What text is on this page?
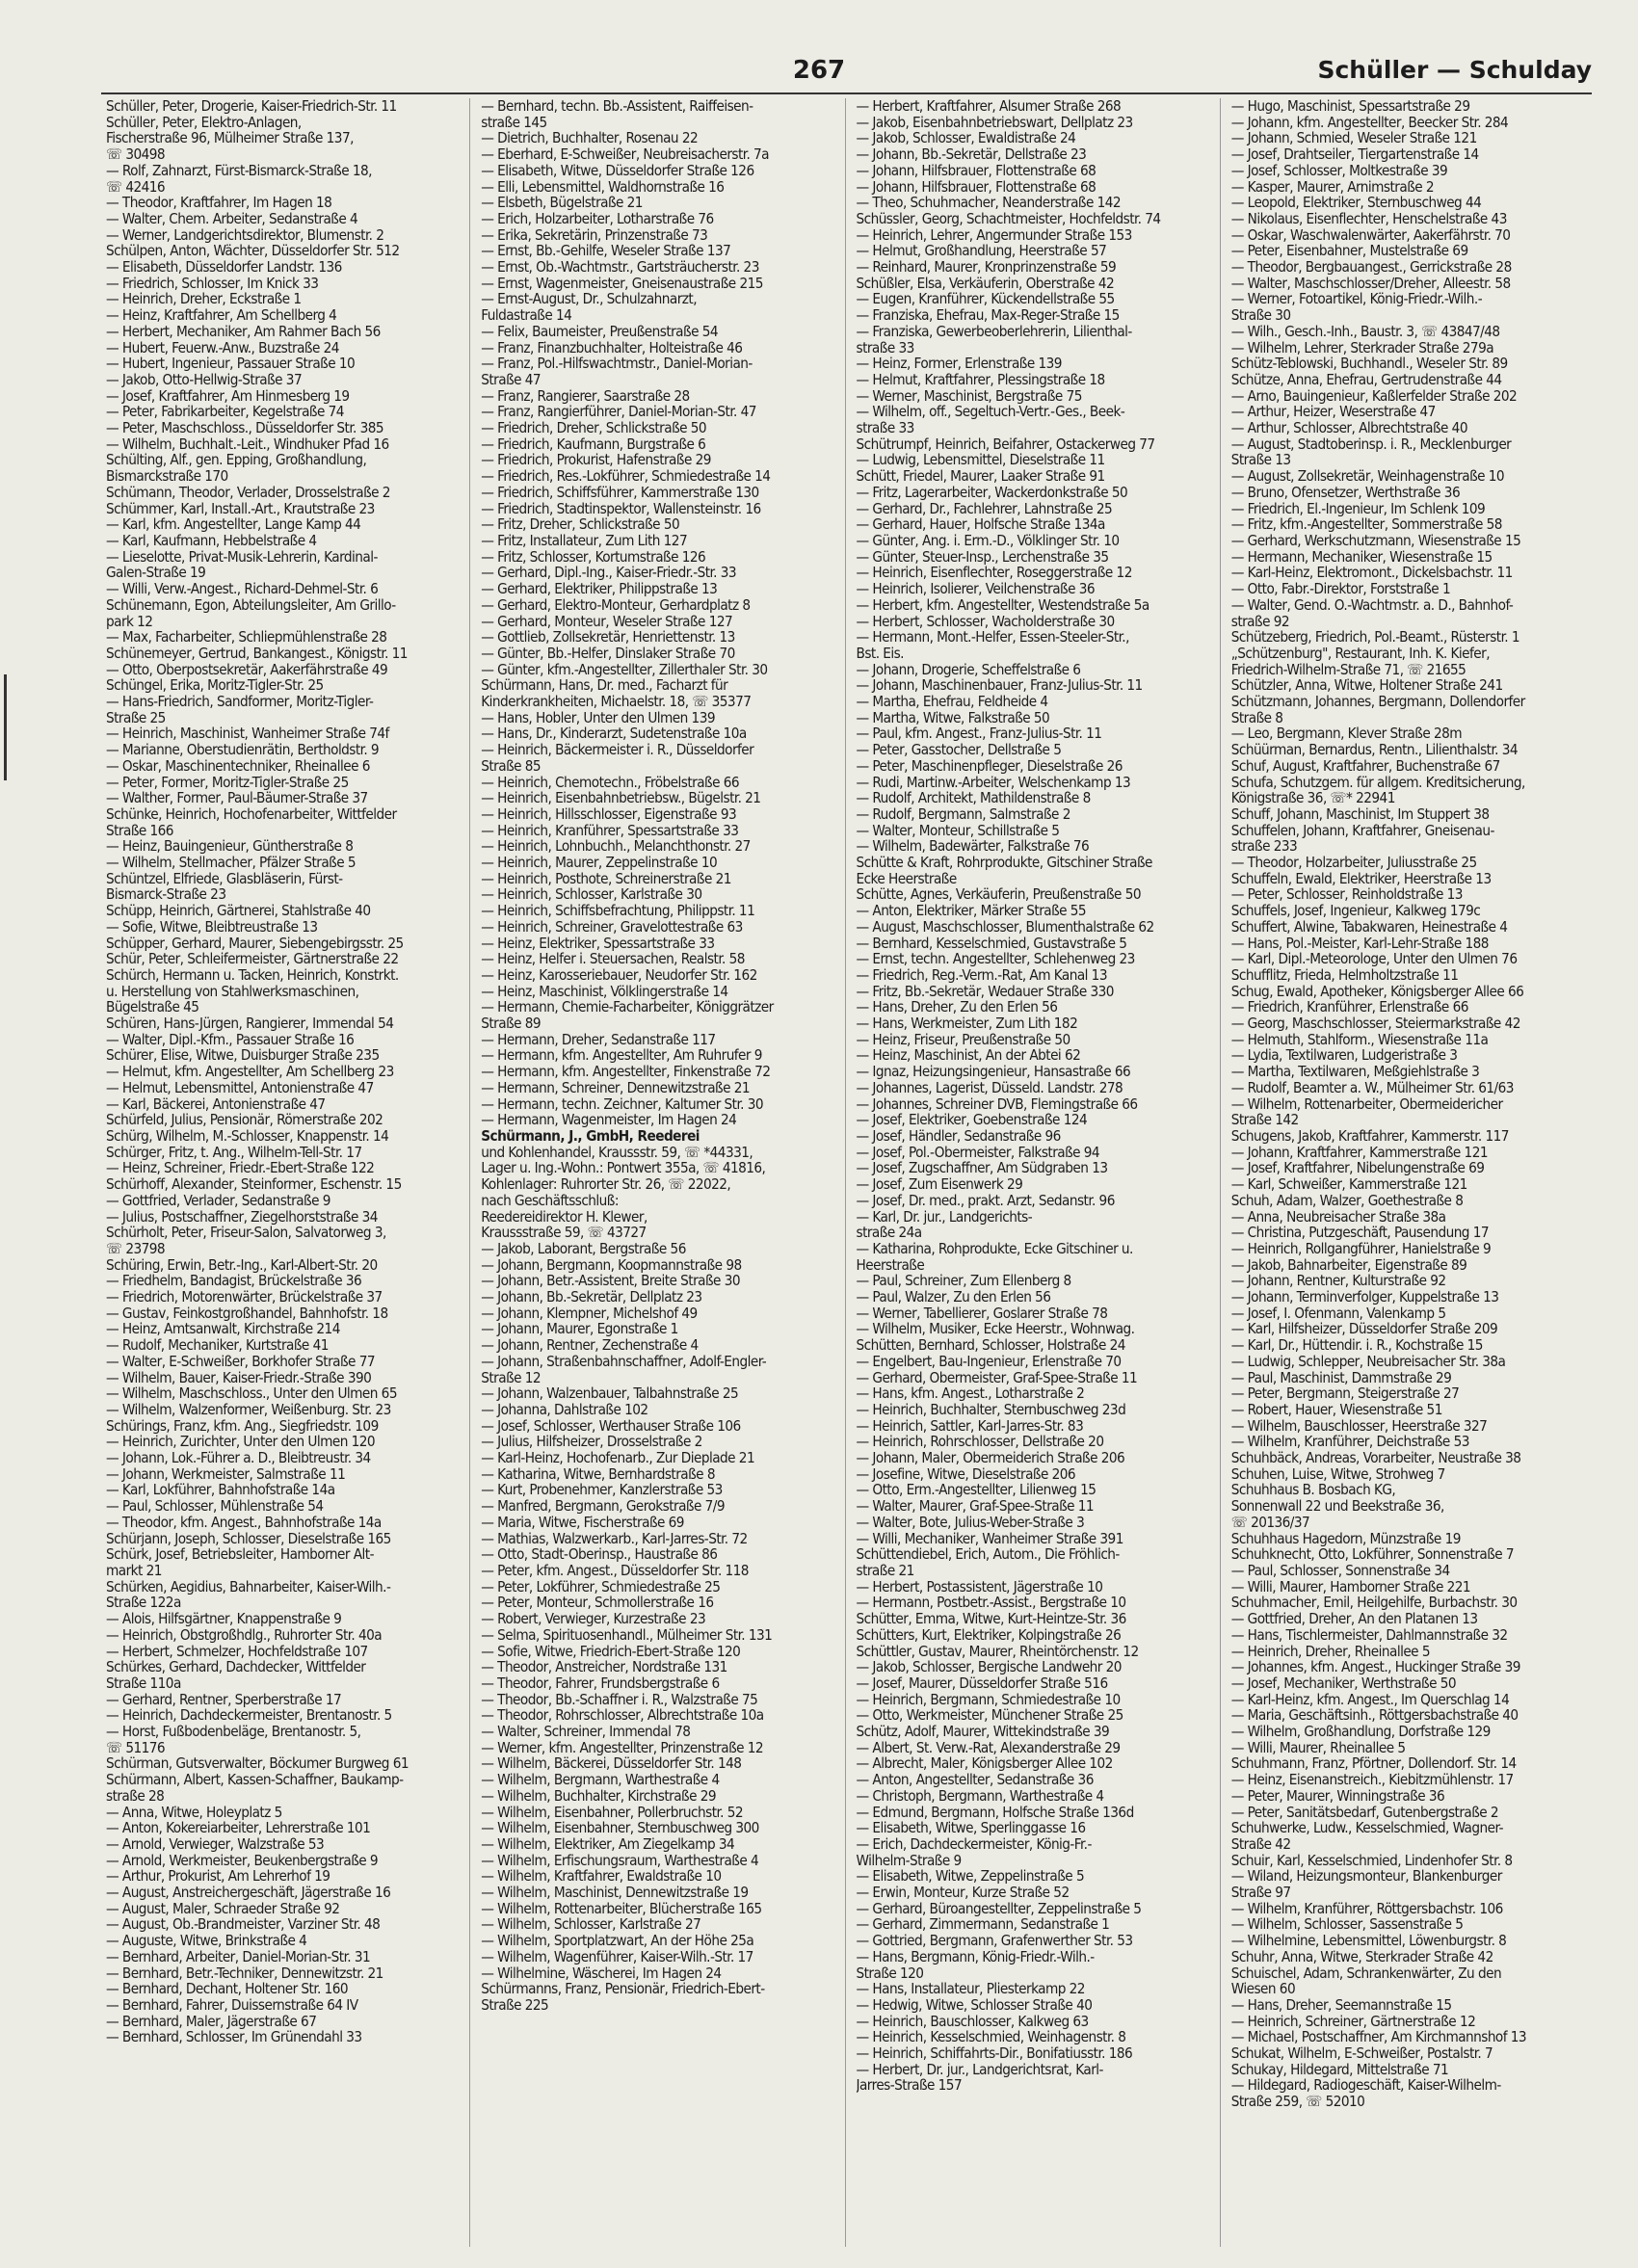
267	Schüller — Schulday
Schüller, Peter, Drogerie, Kaiser-Friedrich-Str. 11
Schüller, Peter, Elektro-Anlagen,
Fischerstraße 96, Mülheimer Straße 137,
☏ 30498
— Rolf, Zahnarzt, Fürst-Bismarck-Straße 18,
☏ 42416
— Theodor, Kraftfahrer, Im Hagen 18
— Walter, Chem. Arbeiter, Sedanstraße 4
— Werner, Landgerichtsdirektor, Blumenstr. 2
Schülpen, Anton, Wächter, Düsseldorfer Str. 512
— Elisabeth, Düsseldorfer Landstr. 136
— Friedrich, Schlosser, Im Knick 33
— Heinrich, Dreher, Eckstraße 1
— Heinz, Kraftfahrer, Am Schellberg 4
— Herbert, Mechaniker, Am Rahmer Bach 56
— Hubert, Feuerw.-Anw., Buzstraße 24
— Hubert, Ingenieur, Passauer Straße 10
— Jakob, Otto-Hellwig-Straße 37
— Josef, Kraftfahrer, Am Hinmesberg 19
— Peter, Fabrikarbeiter, Kegelstraße 74
— Peter, Maschschloss., Düsseldorfer Str. 385
— Wilhelm, Buchhalt.-Leit., Windhuker Pfad 16
Schülting, Alf., gen. Epping, Großhandlung,
Bismarckstraße 170
Schümann, Theodor, Verlader, Drosselstraße 2
Schümmer, Karl, Install.-Art., Krautstraße 23
— Karl, kfm. Angestellter, Lange Kamp 44
— Karl, Kaufmann, Hebbelstraße 4
— Lieselotte, Privat-Musik-Lehrerin, Kardinal-
Galen-Straße 19
— Willi, Verw.-Angest., Richard-Dehmel-Str. 6
Schünemann, Egon, Abteilungsleiter, Am Grillo-
park 12
— Max, Facharbeiter, Schliepmühlenstraße 28
Schünemeyer, Gertrud, Bankangest., Königstr. 11
— Otto, Oberpostsekretär, Aakerfährstraße 49
Schüngel, Erika, Moritz-Tigler-Str. 25
— Hans-Friedrich, Sandformer, Moritz-Tigler-
Straße 25
— Heinrich, Maschinist, Wanheimer Straße 74f
— Marianne, Oberstudienrätin, Bertholdstr. 9
— Oskar, Maschinentechniker, Rheinallee 6
— Peter, Former, Moritz-Tigler-Straße 25
— Walther, Former, Paul-Bäumer-Straße 37
Schünke, Heinrich, Hochofenarbeiter, Wittfelder
Straße 166
— Heinz, Bauingenieur, Güntherstraße 8
— Wilhelm, Stellmacher, Pfälzer Straße 5
Schüntzel, Elfriede, Glasbläserin, Fürst-
Bismarck-Straße 23
Schüpp, Heinrich, Gärtnerei, Stahlstraße 40
— Sofie, Witwe, Bleibtreustraße 13
Schüpper, Gerhard, Maurer, Siebengebirgsstr. 25
Schür, Peter, Schleifermeister, Gärtnerstraße 22
Schürch, Hermann u. Tacken, Heinrich, Konstrkt.
u. Herstellung von Stahlwerksmaschinen,
Bügelstraße 45
Schüren, Hans-Jürgen, Rangierer, Immendal 54
— Walter, Dipl.-Kfm., Passauer Straße 16
Schürer, Elise, Witwe, Duisburger Straße 235
— Helmut, kfm. Angestellter, Am Schellberg 23
— Helmut, Lebensmittel, Antonienstraße 47
— Karl, Bäckerei, Antonienstraße 47
Schürfeld, Julius, Pensionär, Römerstraße 202
Schürg, Wilhelm, M.-Schlosser, Knappenstr. 14
Schürger, Fritz, t. Ang., Wilhelm-Tell-Str. 17
— Heinz, Schreiner, Friedr.-Ebert-Straße 122
Schürhoff, Alexander, Steinformer, Eschenstr. 15
— Gottfried, Verlader, Sedanstraße 9
— Julius, Postschaffner, Ziegelhorststraße 34
Schürholt, Peter, Friseur-Salon, Salvatorweg 3,
☏ 23798
Schüring, Erwin, Betr.-Ing., Karl-Albert-Str. 20
— Friedhelm, Bandagist, Brückelstraße 36
— Friedrich, Motorenwärter, Brückelstraße 37
— Gustav, Feinkostgroßhandel, Bahnhofstr. 18
— Heinz, Amtsanwalt, Kirchstraße 214
— Rudolf, Mechaniker, Kurtstraße 41
— Walter, E-Schweißer, Borkhofer Straße 77
— Wilhelm, Bauer, Kaiser-Friedr.-Straße 390
— Wilhelm, Maschschloss., Unter den Ulmen 65
— Wilhelm, Walzenformer, Weißenburg. Str. 23
Schürings, Franz, kfm. Ang., Siegfriedstr. 109
— Heinrich, Zurichter, Unter den Ulmen 120
— Johann, Lok.-Führer a. D., Bleibtreustr. 34
— Johann, Werkmeister, Salmstraße 11
— Karl, Lokführer, Bahnhofstraße 14a
— Paul, Schlosser, Mühlenstraße 54
— Theodor, kfm. Angest., Bahnhofstraße 14a
Schürjann, Joseph, Schlosser, Dieselstraße 165
Schürk, Josef, Betriebsleiter, Hamborner Alt-
markt 21
Schürken, Aegidius, Bahnarbeiter, Kaiser-Wilh.-
Straße 122a
— Alois, Hilfsgärtner, Knappenstraße 9
— Heinrich, Obstgroßhdlg., Ruhrorter Str. 40a
— Herbert, Schmelzer, Hochfeldstraße 107
Schürkes, Gerhard, Dachdecker, Wittfelder
Straße 110a
— Gerhard, Rentner, Sperberstraße 17
— Heinrich, Dachdeckermeister, Brentanostr. 5
— Horst, Fußbodenbeläge, Brentanostr. 5,
☏ 51176
Schürman, Gutsverwalter, Böckumer Burgweg 61
Schürmann, Albert, Kassen-Schaffner, Baukamp-
straße 28
— Anna, Witwe, Holeyplatz 5
— Anton, Kokereiarbeiter, Lehrerstraße 101
— Arnold, Verwieger, Walzstraße 53
— Arnold, Werkmeister, Beukenbergstraße 9
— Arthur, Prokurist, Am Lehrerhof 19
— August, Anstreichergeschäft, Jägerstraße 16
— August, Maler, Schraeder Straße 92
— August, Ob.-Brandmeister, Varziner Str. 48
— Auguste, Witwe, Brinkstraße 4
— Bernhard, Arbeiter, Daniel-Morian-Str. 31
— Bernhard, Betr.-Techniker, Dennewitzstr. 21
— Bernhard, Dechant, Holtener Str. 160
— Bernhard, Fahrer, Duissernstraße 64 IV
— Bernhard, Maler, Jägerstraße 67
— Bernhard, Schlosser, Im Grünendahl 33
— Bernhard, techn. Bb.-Assistent, Raiffeisen-
straße 145
— Dietrich, Buchhalter, Rosenau 22
— Eberhard, E-Schweißer, Neubreisacherstr. 7a
— Elisabeth, Witwe, Düsseldorfer Straße 126
— Elli, Lebensmittel, Waldhornstraße 16
— Elsbeth, Bügelstraße 21
— Erich, Holzarbeiter, Lotharstraße 76
— Erika, Sekretärin, Prinzenstraße 73
— Ernst, Bb.-Gehilfe, Weseler Straße 137
— Ernst, Ob.-Wachtmstr., Gartsträucherstr. 23
— Ernst, Wagenmeister, Gneisenaustraße 215
— Ernst-August, Dr., Schulzahnarzt,
Fuldastraße 14
— Felix, Baumeister, Preußenstraße 54
— Franz, Finanzbuchhalter, Holteistraße 46
— Franz, Pol.-Hilfswachtmstr., Daniel-Morian-
Straße 47
— Franz, Rangierer, Saarstraße 28
— Franz, Rangierführer, Daniel-Morian-Str. 47
— Friedrich, Dreher, Schlickstraße 50
— Friedrich, Kaufmann, Burgstraße 6
— Friedrich, Prokurist, Hafenstraße 29
— Friedrich, Res.-Lokführer, Schmiedestraße 14
— Friedrich, Schiffsführer, Kammerstraße 130
— Friedrich, Stadtinspektor, Wallensteinstr. 16
— Fritz, Dreher, Schlickstraße 50
— Fritz, Installateur, Zum Lith 127
— Fritz, Schlosser, Kortumstraße 126
— Gerhard, Dipl.-Ing., Kaiser-Friedr.-Str. 33
— Gerhard, Elektriker, Philippstraße 13
— Gerhard, Elektro-Monteur, Gerhardplatz 8
— Gerhard, Monteur, Weseler Straße 127
— Gottlieb, Zollsekretär, Henriettenstr. 13
— Günter, Bb.-Helfer, Dinslaker Straße 70
— Günter, kfm.-Angestellter, Zillerthaler Str. 30
Schürmann, Hans, Dr. med., Facharzt für
Kinderkrankheiten, Michaelstr. 18, ☏ 35377
— Hans, Hobler, Unter den Ulmen 139
— Hans, Dr., Kinderarzt, Sudetenstraße 10a
— Heinrich, Bäckermeister i. R., Düsseldorfer
Straße 85
— Heinrich, Chemotechn., Fröbelstraße 66
— Heinrich, Eisenbahnbetriebsw., Bügelstr. 21
— Heinrich, Hillsschlosser, Eigenstraße 93
— Heinrich, Kranführer, Spessartstraße 33
— Heinrich, Lohnbuchh., Melanchthonstr. 27
— Heinrich, Maurer, Zeppelinstraße 10
— Heinrich, Posthote, Schreinerstraße 21
— Heinrich, Schlosser, Karlstraße 30
— Heinrich, Schiffsbefrachtung, Philippstr. 11
— Heinrich, Schreiner, Gravelottestraße 63
— Heinz, Elektriker, Spessartstraße 33
— Heinz, Helfer i. Steuersachen, Realstr. 58
— Heinz, Karosseriebauer, Neudorfer Str. 162
— Heinz, Maschinist, Völklingerstraße 14
— Hermann, Chemie-Facharbeiter, Königgrätzer
Straße 89
— Hermann, Dreher, Sedanstraße 117
— Hermann, kfm. Angestellter, Am Ruhrufer 9
— Hermann, kfm. Angestellter, Finkenstraße 72
— Hermann, Schreiner, Dennewitzstraße 21
— Hermann, techn. Zeichner, Kaltumer Str. 30
— Hermann, Wagenmeister, Im Hagen 24
Schürmann, J., GmbH, Reederei
und Kohlenhandel, Kraussstr. 59, ☏ *44331,
Lager u. Ing.-Wohn.: Pontwert 355a, ☏ 41816,
Kohlenlager: Ruhrorter Str. 26, ☏ 22022,
nach Geschäftsschluß:
Reedereidirektor H. Klewer,
Kraussstraße 59, ☏ 43727
— Jakob, Laborant, Bergstraße 56
— Johann, Bergmann, Koopmannstraße 98
— Johann, Betr.-Assistent, Breite Straße 30
— Johann, Bb.-Sekretär, Dellplatz 23
— Johann, Klempner, Michelshof 49
— Johann, Maurer, Egonstraße 1
— Johann, Rentner, Zechenstraße 4
— Johann, Straßenbahnschaffner, Adolf-Engler-
Straße 12
— Johann, Walzenbauer, Talbahnstraße 25
— Johanna, Dahlstraße 102
— Josef, Schlosser, Werthauser Straße 106
— Julius, Hilfsheizer, Drosselstraße 2
— Karl-Heinz, Hochofenarb., Zur Dieplade 21
— Katharina, Witwe, Bernhardstraße 8
— Kurt, Probenehmer, Kanzlerstraße 53
— Manfred, Bergmann, Gerokstraße 7/9
— Maria, Witwe, Fischerstraße 69
— Mathias, Walzwerkarb., Karl-Jarres-Str. 72
— Otto, Stadt-Oberinsp., Haustraße 86
— Peter, kfm. Angest., Düsseldorfer Str. 118
— Peter, Lokführer, Schmiedestraße 25
— Peter, Monteur, Schmollerstraße 16
— Robert, Verwieger, Kurzestraße 23
— Selma, Spirituosenhandl., Mülheimer Str. 131
— Sofie, Witwe, Friedrich-Ebert-Straße 120
— Theodor, Anstreicher, Nordstraße 131
— Theodor, Fahrer, Frundsbergstraße 6
— Theodor, Bb.-Schaffner i. R., Walzstraße 75
— Theodor, Rohrschlosser, Albrechtstraße 10a
— Walter, Schreiner, Immendal 78
— Werner, kfm. Angestellter, Prinzenstraße 12
— Wilhelm, Bäckerei, Düsseldorfer Str. 148
— Wilhelm, Bergmann, Warthestraße 4
— Wilhelm, Buchhalter, Kirchstraße 29
— Wilhelm, Eisenbahner, Pollerbruchstr. 52
— Wilhelm, Eisenbahner, Sternbuschweg 300
— Wilhelm, Elektriker, Am Ziegelkamp 34
— Wilhelm, Erfischungsraum, Warthestraße 4
— Wilhelm, Kraftfahrer, Ewaldstraße 10
— Wilhelm, Maschinist, Dennewitzstraße 19
— Wilhelm, Rottenarbeiter, Blücherstraße 165
— Wilhelm, Schlosser, Karlstraße 27
— Wilhelm, Sportplatzwart, An der Höhe 25a
— Wilhelm, Wagenführer, Kaiser-Wilh.-Str. 17
— Wilhelmine, Wäscherei, Im Hagen 24
Schürmanns, Franz, Pensionär, Friedrich-Ebert-
Straße 225
— Herbert, Kraftfahrer, Alsumer Straße 268
— Jakob, Eisenbahnbetriebswart, Dellplatz 23
— Jakob, Schlosser, Ewaldistraße 24
— Johann, Bb.-Sekretär, Dellstraße 23
— Johann, Hilfsbrauer, Flottenstraße 68
— Johann, Hilfsbrauer, Flottenstraße 68
— Theo, Schuhmacher, Neanderstraße 142
Schüssler, Georg, Schachtmeister, Hochfeldstr. 74
— Heinrich, Lehrer, Angermunder Straße 153
— Helmut, Großhandlung, Heerstraße 57
— Reinhard, Maurer, Kronprinzenstraße 59
Schüßler, Elsa, Verkäuferin, Oberstraße 42
— Eugen, Kranführer, Kückendellstraße 55
— Franziska, Ehefrau, Max-Reger-Straße 15
— Franziska, Gewerbeoberlehrerin, Lilienthal-
straße 33
— Heinz, Former, Erlenstraße 139
— Helmut, Kraftfahrer, Plessingstraße 18
— Werner, Maschinist, Bergstraße 75
— Wilhelm, off., Segeltuch-Vertr.-Ges., Beek-
straße 33
Schütrumpf, Heinrich, Beifahrer, Ostackerweg 77
— Ludwig, Lebensmittel, Dieselstraße 11
Schütt, Friedel, Maurer, Laaker Straße 91
— Fritz, Lagerarbeiter, Wackerdonkstraße 50
— Gerhard, Dr., Fachlehrer, Lahnstraße 25
— Gerhard, Hauer, Holfsche Straße 134a
— Günter, Ang. i. Erm.-D., Völklinger Str. 10
— Günter, Steuer-Insp., Lerchenstraße 35
— Heinrich, Eisenflechter, Roseggerstraße 12
— Heinrich, Isolierer, Veilchenstraße 36
— Herbert, kfm. Angestellter, Westendstraße 5a
— Herbert, Schlosser, Wacholderstraße 30
— Hermann, Mont.-Helfer, Essen-Steeler-Str.,
Bst. Eis.
— Johann, Drogerie, Scheffelstraße 6
— Johann, Maschinenbauer, Franz-Julius-Str. 11
— Martha, Ehefrau, Feldheide 4
— Martha, Witwe, Falkstraße 50
— Paul, kfm. Angest., Franz-Julius-Str. 11
— Peter, Gasstocher, Dellstraße 5
— Peter, Maschinenpfleger, Dieselstraße 26
— Rudi, Martinw.-Arbeiter, Welschenkamp 13
— Rudolf, Architekt, Mathildenstraße 8
— Rudolf, Bergmann, Salmstraße 2
— Walter, Monteur, Schillstraße 5
— Wilhelm, Badewärter, Falkstraße 76
Schütte & Kraft, Rohrprodukte, Gitschiner Straße
Ecke Heerstraße
Schütte, Agnes, Verkäuferin, Preußenstraße 50
— Anton, Elektriker, Märker Straße 55
— August, Maschschlosser, Blumenthalstraße 62
— Bernhard, Kesselschmied, Gustavstraße 5
— Ernst, techn. Angestellter, Schlehenweg 23
— Friedrich, Reg.-Verm.-Rat, Am Kanal 13
— Fritz, Bb.-Sekretär, Wedauer Straße 330
— Hans, Dreher, Zu den Erlen 56
— Hans, Werkmeister, Zum Lith 182
— Heinz, Friseur, Preußenstraße 50
— Heinz, Maschinist, An der Abtei 62
— Ignaz, Heizungsingenieur, Hansastraße 66
— Johannes, Lagerist, Düsseld. Landstr. 278
— Johannes, Schreiner DVB, Flemingstraße 66
— Josef, Elektriker, Goebenstraße 124
— Josef, Händler, Sedanstraße 96
— Josef, Pol.-Obermeister, Falkstraße 94
— Josef, Zugschaffner, Am Südgraben 13
— Josef, Zum Eisenwerk 29
— Josef, Dr. med., prakt. Arzt, Sedanstr. 96
— Karl, Dr. jur., Landgerichts-
straße 24a
— Katharina, Rohprodukte, Ecke Gitschiner u.
Heerstraße
— Paul, Schreiner, Zum Ellenberg 8
— Paul, Walzer, Zu den Erlen 56
— Werner, Tabellierer, Goslarer Straße 78
— Wilhelm, Musiker, Ecke Heerstr., Wohnwag.
Schütten, Bernhard, Schlosser, Holstraße 24
— Engelbert, Bau-Ingenieur, Erlenstraße 70
— Gerhard, Obermeister, Graf-Spee-Straße 11
— Hans, kfm. Angest., Lotharstraße 2
— Heinrich, Buchhalter, Sternbuschweg 23d
— Heinrich, Sattler, Karl-Jarres-Str. 83
— Heinrich, Rohrschlosser, Dellstraße 20
— Johann, Maler, Obermeiderich Straße 206
— Josefine, Witwe, Dieselstraße 206
— Otto, Erm.-Angestellter, Lilienweg 15
— Walter, Maurer, Graf-Spee-Straße 11
— Walter, Bote, Julius-Weber-Straße 3
— Willi, Mechaniker, Wanheimer Straße 391
Schüttendiebel, Erich, Autom., Die Fröhlich-
straße 21
— Herbert, Postassistent, Jägerstraße 10
— Hermann, Postbetr.-Assist., Bergstraße 10
Schütter, Emma, Witwe, Kurt-Heintze-Str. 36
Schütters, Kurt, Elektriker, Kolpingstraße 26
Schüttler, Gustav, Maurer, Rheintörchenstr. 12
— Jakob, Schlosser, Bergische Landwehr 20
— Josef, Maurer, Düsseldorfer Straße 516
— Heinrich, Bergmann, Schmiedestraße 10
— Otto, Werkmeister, Münchener Straße 25
Schütz, Adolf, Maurer, Wittekindstraße 39
— Albert, St. Verw.-Rat, Alexanderstraße 29
— Albrecht, Maler, Königsberger Allee 102
— Anton, Angestellter, Sedanstraße 36
— Christoph, Bergmann, Warthestraße 4
— Edmund, Bergmann, Holfsche Straße 136d
— Elisabeth, Witwe, Sperlinggasse 16
— Erich, Dachdeckermeister, König-Fr.-
Wilhelm-Straße 9
— Elisabeth, Witwe, Zeppelinstraße 5
— Erwin, Monteur, Kurze Straße 52
— Gerhard, Büroangestellter, Zeppelinstraße 5
— Gerhard, Zimmermann, Sedanstraße 1
— Gottried, Bergmann, Grafenwerther Str. 53
— Hans, Bergmann, König-Friedr.-Wilh.-
Straße 120
— Hans, Installateur, Pliesterkamp 22
— Hedwig, Witwe, Schlosser Straße 40
— Heinrich, Bauschlosser, Kalkweg 63
— Heinrich, Kesselschmied, Weinhagenstr. 8
— Heinrich, Schiffahrts-Dir., Bonifatiusstr. 186
— Herbert, Dr. jur., Landgerichtsrat, Karl-
Jarres-Straße 157
— Hugo, Maschinist, Spessartstraße 29
— Johann, kfm. Angestellter, Beecker Str. 284
— Johann, Schmied, Weseler Straße 121
— Josef, Drahtseiler, Tiergartenstraße 14
— Josef, Schlosser, Moltkestraße 39
— Kasper, Maurer, Arnimstraße 2
— Leopold, Elektriker, Sternbuschweg 44
— Nikolaus, Eisenflechter, Henschelstraße 43
— Oskar, Waschwalenwärter, Aakerfährstr. 70
— Peter, Eisenbahner, Mustelstraße 69
— Theodor, Bergbauangest., Gerrickstraße 28
— Walter, Maschschlosser/Dreher, Alleestr. 58
— Werner, Fotoartikel, König-Friedr.-Wilh.-
Straße 30
— Wilh., Gesch.-Inh., Baustr. 3, ☏ 43847/48
— Wilhelm, Lehrer, Sterkrader Straße 279a
Schütz-Teblowski, Buchhandl., Weseler Str. 89
Schütze, Anna, Ehefrau, Gertrudenstraße 44
— Arno, Bauingenieur, Kaßlerfelder Straße 202
— Arthur, Heizer, Weserstraße 47
— Arthur, Schlosser, Albrechtstraße 40
— August, Stadtoberinsp. i. R., Mecklenburger
Straße 13
— August, Zollsekretär, Weinhagenstraße 10
— Bruno, Ofensetzer, Werthstraße 36
— Friedrich, El.-Ingenieur, Im Schlenk 109
— Fritz, kfm.-Angestellter, Sommerstraße 58
— Gerhard, Werkschutzmann, Wiesenstraße 15
— Hermann, Mechaniker, Wiesenstraße 15
— Karl-Heinz, Elektromont., Dickelsbachstr. 11
— Otto, Fabr.-Direktor, Forststraße 1
— Walter, Gend. O.-Wachtmstr. a. D., Bahnhof-
straße 92
Schützeberg, Friedrich, Pol.-Beamt., Rüsterstr. 1
„Schützenburg", Restaurant, Inh. K. Kiefer,
Friedrich-Wilhelm-Straße 71, ☏ 21655
Schützler, Anna, Witwe, Holtener Straße 241
Schützmann, Johannes, Bergmann, Dollendorfer
Straße 8
— Leo, Bergmann, Klever Straße 28m
Schüürman, Bernardus, Rentn., Lilienthalstr. 34
Schuf, August, Kraftfahrer, Buchenstraße 67
Schufa, Schutzgem. für allgem. Kreditsicherung,
Königstraße 36, ☏* 22941
Schuff, Johann, Maschinist, Im Stuppert 38
Schuffelen, Johann, Kraftfahrer, Gneisenau-
straße 233
— Theodor, Holzarbeiter, Juliusstraße 25
Schuffeln, Ewald, Elektriker, Heerstraße 13
— Peter, Schlosser, Reinholdstraße 13
Schuffels, Josef, Ingenieur, Kalkweg 179c
Schuffert, Alwine, Tabakwaren, Heinestraße 4
— Hans, Pol.-Meister, Karl-Lehr-Straße 188
— Karl, Dipl.-Meteorologe, Unter den Ulmen 76
Schufflitz, Frieda, Helmholtzstraße 11
Schug, Ewald, Apotheker, Königsberger Allee 66
— Friedrich, Kranführer, Erlenstraße 66
— Georg, Maschschlosser, Steiermarkstraße 42
— Helmuth, Stahlform., Wiesenstraße 11a
— Lydia, Textilwaren, Ludgeristraße 3
— Martha, Textilwaren, Meßgiehlstraße 3
— Rudolf, Beamter a. W., Mülheimer Str. 61/63
— Wilhelm, Rottenarbeiter, Obermeidericher
Straße 142
Schugens, Jakob, Kraftfahrer, Kammerstr. 117
— Johann, Kraftfahrer, Kammerstraße 121
— Josef, Kraftfahrer, Nibelungenstraße 69
— Karl, Schweißer, Kammerstraße 121
Schuh, Adam, Walzer, Goethestraße 8
— Anna, Neubreisacher Straße 38a
— Christina, Putzgeschäft, Pausendung 17
— Heinrich, Rollgangführer, Hanielstraße 9
— Jakob, Bahnarbeiter, Eigenstraße 89
— Johann, Rentner, Kulturstraße 92
— Johann, Terminverfolger, Kuppelstraße 13
— Josef, I. Ofenmann, Valenkamp 5
— Karl, Hilfsheizer, Düsseldorfer Straße 209
— Karl, Dr., Hüttendir. i. R., Kochstraße 15
— Ludwig, Schlepper, Neubreisacher Str. 38a
— Paul, Maschinist, Dammstraße 29
— Peter, Bergmann, Steigerstraße 27
— Robert, Hauer, Wiesenstraße 51
— Wilhelm, Bauschlosser, Heerstraße 327
— Wilhelm, Kranführer, Deichstraße 53
Schuhbäck, Andreas, Vorarbeiter, Neustraße 38
Schuhen, Luise, Witwe, Strohweg 7
Schuhhaus B. Bosbach KG,
Sonnenwall 22 und Beekstraße 36,
☏ 20136/37
Schuhhaus Hagedorn, Münzstraße 19
Schuhknecht, Otto, Lokführer, Sonnenstraße 7
— Paul, Schlosser, Sonnenstraße 34
— Willi, Maurer, Hamborner Straße 221
Schuhmacher, Emil, Heilgehilfe, Burbachstr. 30
— Gottfried, Dreher, An den Platanen 13
— Hans, Tischlermeister, Dahlmannstraße 32
— Heinrich, Dreher, Rheinallee 5
— Johannes, kfm. Angest., Huckinger Straße 39
— Josef, Mechaniker, Werthstraße 50
— Karl-Heinz, kfm. Angest., Im Querschlag 14
— Maria, Geschäftsinh., Röttgersbachstraße 40
— Wilhelm, Großhandlung, Dorfstraße 129
— Willi, Maurer, Rheinallee 5
Schuhmann, Franz, Pförtner, Dollendorf. Str. 14
— Heinz, Eisenanstreich., Kiebitzmühlenstr. 17
— Peter, Maurer, Winningstraße 36
— Peter, Sanitätsbedarf, Gutenbergstraße 2
Schuhwerke, Ludw., Kesselschmied, Wagner-
Straße 42
Schuir, Karl, Kesselschmied, Lindenhofer Str. 8
— Wiland, Heizungsmonteur, Blankenburger
Straße 97
— Wilhelm, Kranführer, Röttgersbachstr. 106
— Wilhelm, Schlosser, Sassenstraße 5
— Wilhelmine, Lebensmittel, Löwenburgstr. 8
Schuhr, Anna, Witwe, Sterkrader Straße 42
Schuischel, Adam, Schrankenwärter, Zu den
Wiesen 60
— Hans, Dreher, Seemannstraße 15
— Heinrich, Schreiner, Gärtnerstraße 12
— Michael, Postschaffner, Am Kirchmannshof 13
Schukat, Wilhelm, E-Schweißer, Postalstr. 7
Schukay, Hildegard, Mittelstraße 71
— Hildegard, Radiogeschäft, Kaiser-Wilhelm-
Straße 259, ☏ 52010
